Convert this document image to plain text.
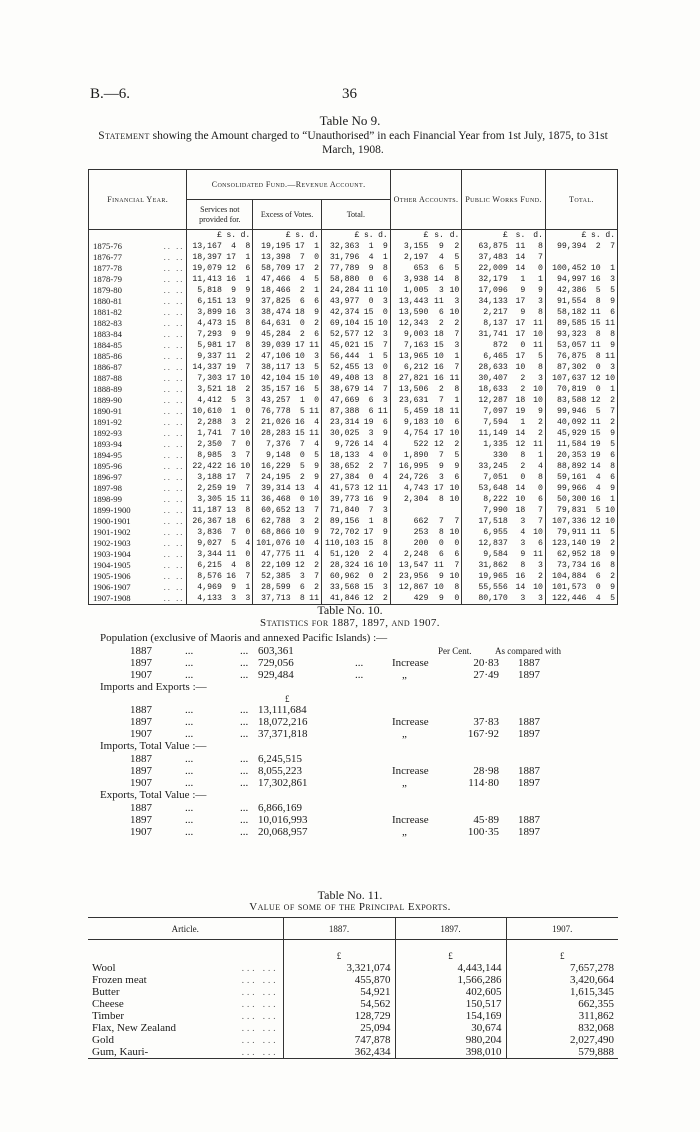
B.—6.	36
Table No 9.
Statement showing the Amount charged to “Unauthorised” in each Financial Year from 1st July, 1875, to 31st March, 1908.
Financial Year.	Consolidated Fund.—Revenue Account.									Other Accounts.			Public Works Fund.			Total.		
	Services not provided for.			Excess of Votes.			Total.											
	£	s.	d.	£	s.	d.	£	s.	d.	£	s.	d.	£	s.	d.	£	s.	d.
1875-76 .. ..	13,167	4	8	19,195	17	1	32,363	1	9	3,155	9	2	63,875	11	8	99,394	2	7
1876-77 .. ..	18,397	17	1	13,398	7	0	31,796	4	1	2,197	4	5	37,483	14	7			
1877-78 .. ..	19,079	12	6	58,709	17	2	77,789	9	8	653	6	5	22,009	14	0	100,452	10	1
1878-79 .. ..	11,413	16	1	47,466	4	5	58,880	0	6	3,938	14	8	32,179	1	1	94,997	16	3
1879-80 .. ..	5,818	9	9	18,466	2	1	24,284	11	10	1,005	3	10	17,096	9	9	42,386	5	5
1880-81 .. ..	6,151	13	9	37,825	6	6	43,977	0	3	13,443	11	3	34,133	17	3	91,554	8	9
1881-82 .. ..	3,899	16	3	38,474	18	9	42,374	15	0	13,590	6	10	2,217	9	8	58,182	11	6
1882-83 .. ..	4,473	15	8	64,631	0	2	69,104	15	10	12,343	2	2	8,137	17	11	89,585	15	11
1883-84 .. ..	7,293	9	9	45,284	2	6	52,577	12	3	9,003	18	7	31,741	17	10	93,323	8	8
1884-85 .. ..	5,981	17	8	39,039	17	11	45,021	15	7	7,163	15	3	872	0	11	53,057	11	9
1885-86 .. ..	9,337	11	2	47,106	10	3	56,444	1	5	13,965	10	1	6,465	17	5	76,875	8	11
1886-87 .. ..	14,337	19	7	38,117	13	5	52,455	13	0	6,212	16	7	28,633	10	8	87,302	0	3
1887-88 .. ..	7,303	17	10	42,104	15	10	49,408	13	8	27,821	16	11	30,407	2	3	107,637	12	10
1888-89 .. ..	3,521	18	2	35,157	16	5	38,679	14	7	13,506	2	8	18,633	2	10	70,819	0	1
1889-90 .. ..	4,412	5	3	43,257	1	0	47,669	6	3	23,631	7	1	12,287	18	10	83,588	12	2
1890-91 .. ..	10,610	1	0	76,778	5	11	87,388	6	11	5,459	18	11	7,097	19	9	99,946	5	7
1891-92 .. ..	2,288	3	2	21,026	16	4	23,314	19	6	9,183	10	6	7,594	1	2	40,092	11	2
1892-93 .. ..	1,741	7	10	28,283	15	11	30,025	3	9	4,754	17	10	11,149	14	2	45,929	15	9
1893-94 .. ..	2,350	7	0	7,376	7	4	9,726	14	4	522	12	2	1,335	12	11	11,584	19	5
1894-95 .. ..	8,985	3	7	9,148	0	5	18,133	4	0	1,890	7	5	330	8	1	20,353	19	6
1895-96 .. ..	22,422	16	10	16,229	5	9	38,652	2	7	16,995	9	9	33,245	2	4	88,892	14	8
1896-97 .. ..	3,188	17	7	24,195	2	9	27,384	0	4	24,726	3	6	7,051	0	8	59,161	4	6
1897-98 .. ..	2,259	19	7	39,314	13	4	41,573	12	11	4,743	17	10	53,648	14	0	99,966	4	9
1898-99 .. ..	3,305	15	11	36,468	0	10	39,773	16	9	2,304	8	10	8,222	10	6	50,300	16	1
1899-1900 .. ..	11,187	13	8	60,652	13	7	71,840	7	3				7,990	18	7	79,831	5	10
1900-1901 .. ..	26,367	18	6	62,788	3	2	89,156	1	8	662	7	7	17,518	3	7	107,336	12	10
1901-1902 .. ..	3,836	7	0	68,866	10	9	72,702	17	9	253	8	10	6,955	4	10	79,911	11	5
1902-1903 .. ..	9,027	5	4	101,076	10	4	110,103	15	8	200	0	0	12,837	3	6	123,140	19	2
1903-1904 .. ..	3,344	11	0	47,775	11	4	51,120	2	4	2,248	6	6	9,584	9	11	62,952	18	9
1904-1905 .. ..	6,215	4	8	22,109	12	2	28,324	16	10	13,547	11	7	31,862	8	3	73,734	16	8
1905-1906 .. ..	8,576	16	7	52,385	3	7	60,962	0	2	23,956	9	10	19,965	16	2	104,884	6	2
1906-1907 .. ..	4,969	9	1	28,599	6	2	33,568	15	3	12,867	10	8	55,556	14	10	101,573	0	9
1907-1908 .. ..	4,133	3	3	37,713	8	11	41,846	12	2	429	9	0	80,170	3	3	122,446	4	5
Table No. 10.
Statistics for 1887, 1897, and 1907.
Population (exclusive of Maoris and annexed Pacific Islands) :—
1887	...	... 603,361	Per Cent.	As compared with
1897	...	... 729,056	...	Increase	20·83 1887
1907	...	... 929,484	...	„	27·49 1897
Imports and Exports :—
£
1887	...	... 13,111,684
1897	...	... 18,072,216	Increase	37·83 1887
1907	...	... 37,371,818	„	167·92 1897
Imports, Total Value :—
1887	...	... 6,245,515
1897	...	... 8,055,223	Increase	28·98 1887
1907	...	... 17,302,861	„	114·80 1897
Exports, Total Value :—
1887	...	... 6,866,169
1897	...	... 10,016,993	Increase	45·89 1887
1907	...	... 20,068,957	„	100·35 1897
Table No. 11.
Value of some of the Principal Exports.
Article.	1887.	1897.	1907.
	£	£	£
Wool ... ...	3,321,074	4,443,144	7,657,278
Frozen meat ... ...	455,870	1,566,286	3,420,664
Butter ... ...	54,921	402,605	1,615,345
Cheese ... ...	54,562	150,517	662,355
Timber ... ...	128,729	154,169	311,862
Flax, New Zealand ... ...	25,094	30,674	832,068
Gold ... ...	747,878	980,204	2,027,490
Gum, Kauri- ... ...	362,434	398,010	579,888
